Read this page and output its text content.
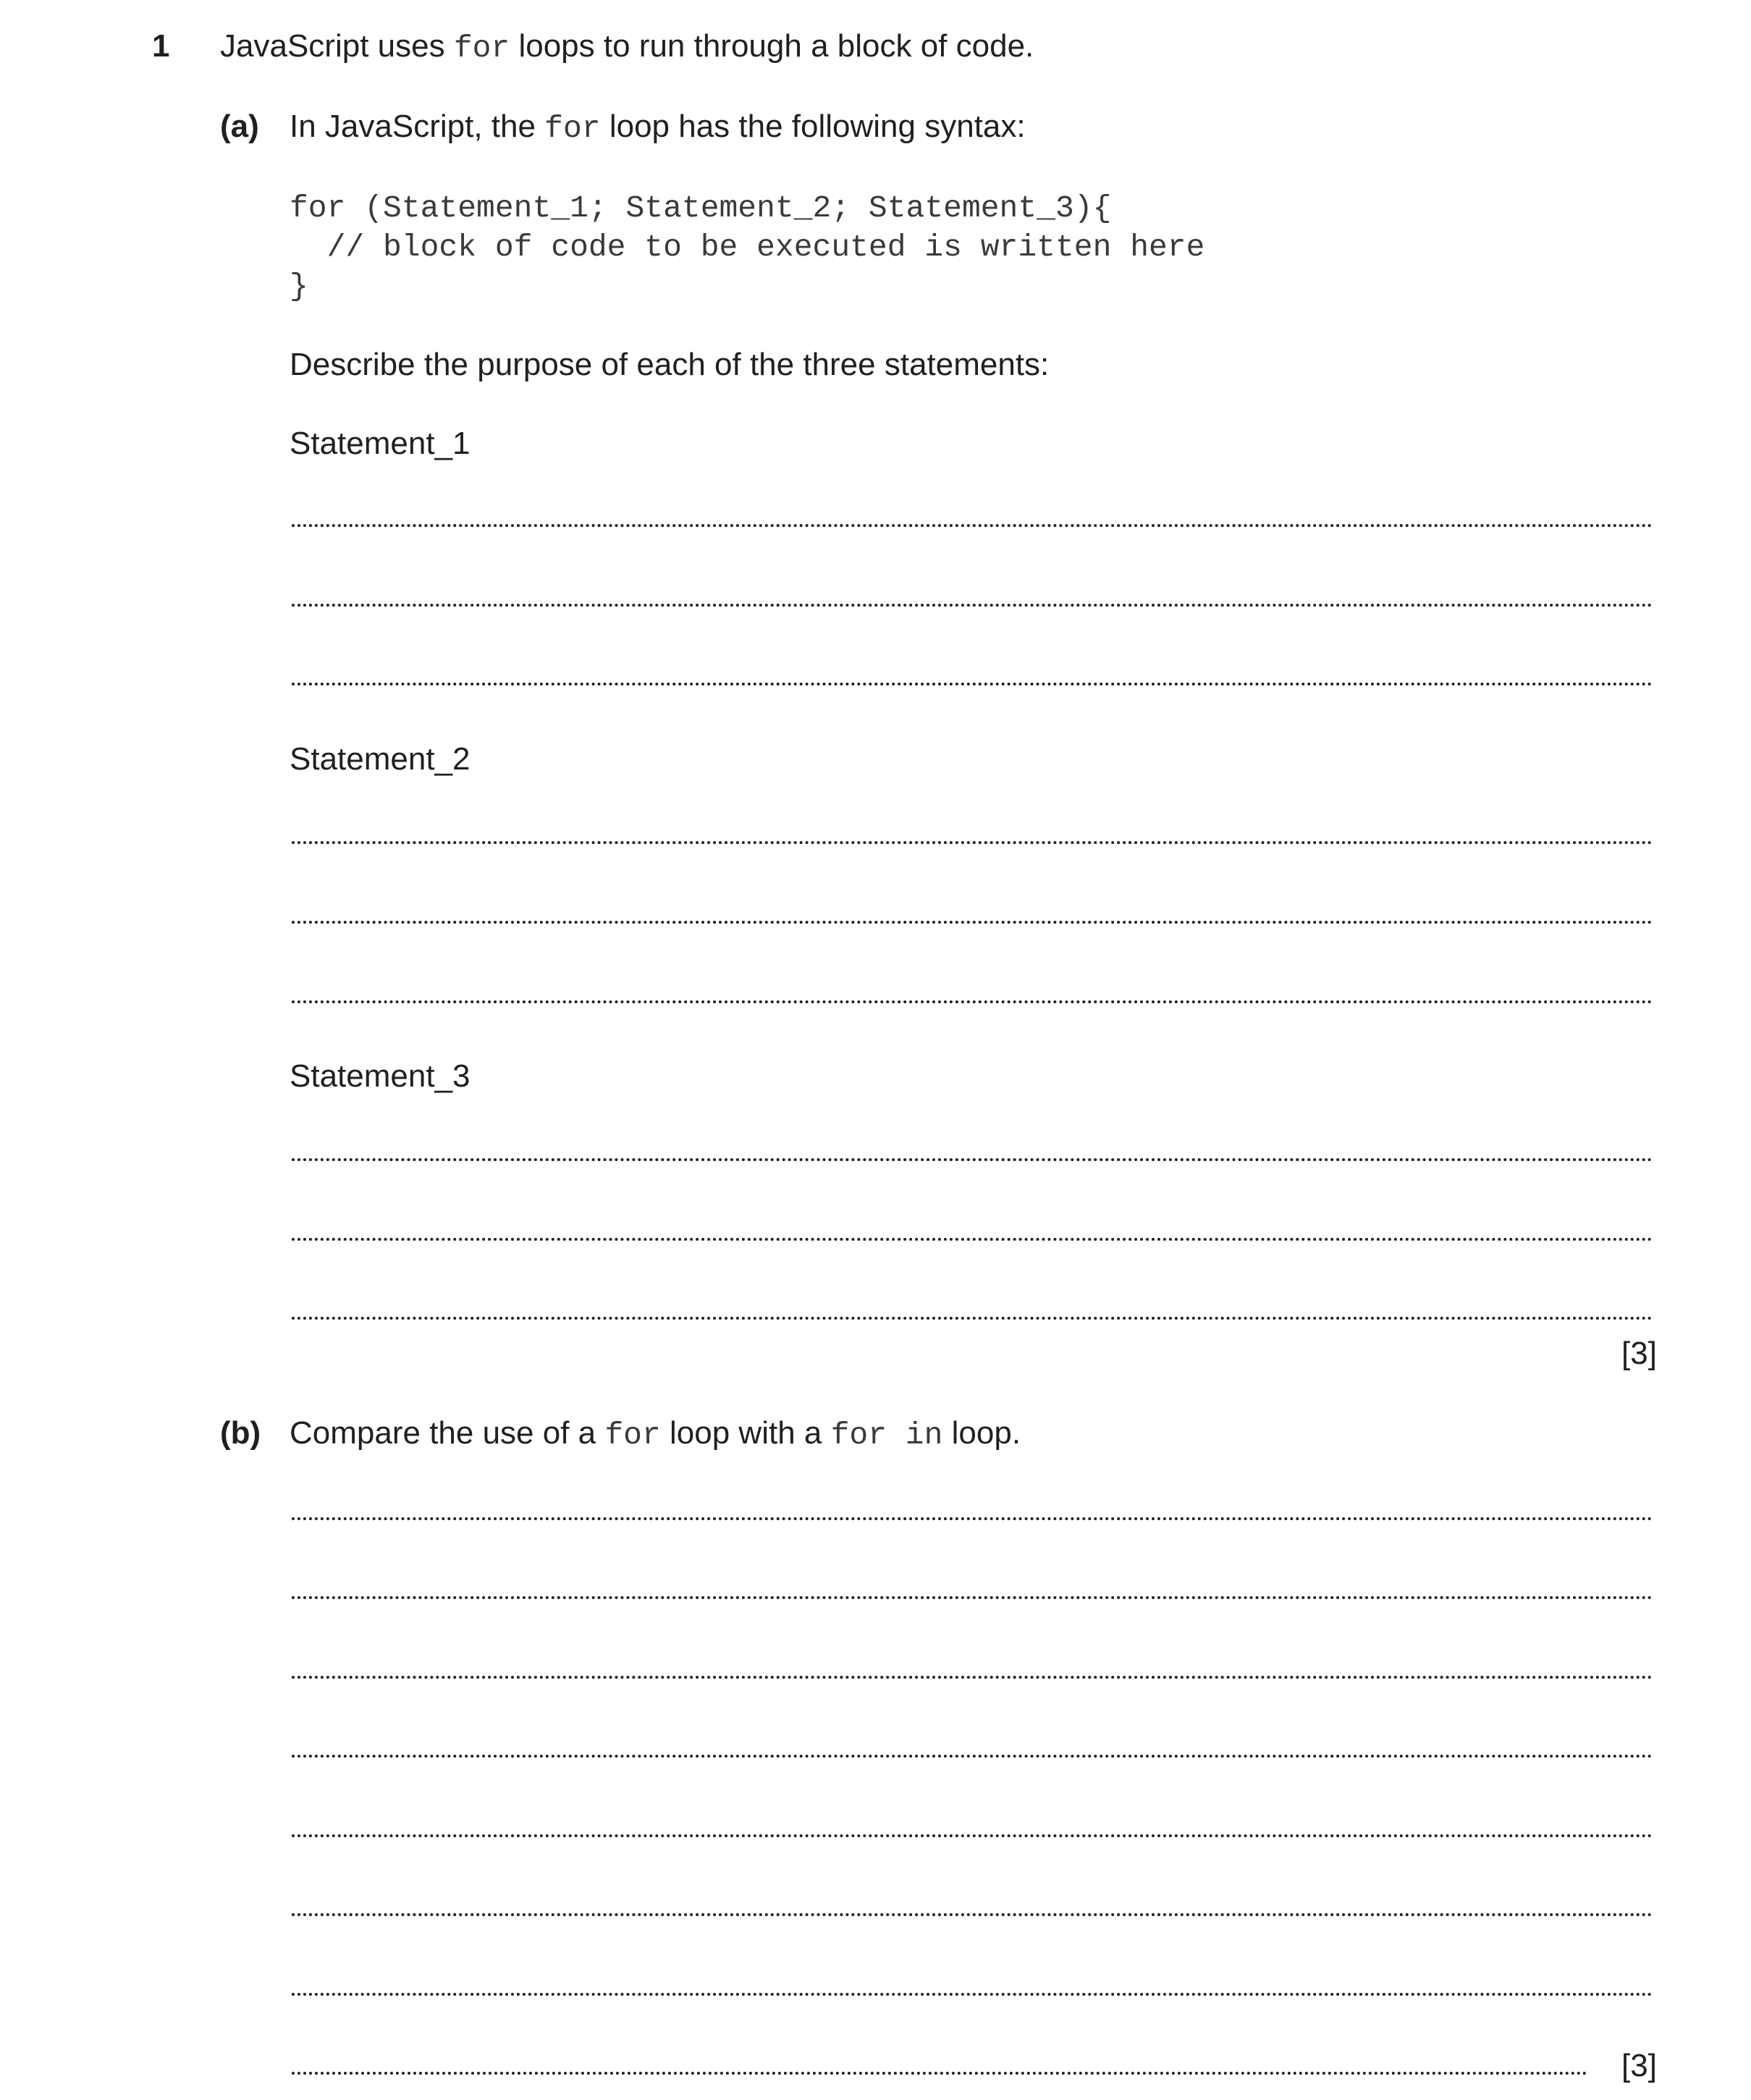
1 JavaScript uses for loops to run through a block of code.
(a) In JavaScript, the for loop has the following syntax:
for (Statement_1; Statement_2; Statement_3){
// block of code to be executed is written here
}
Describe the purpose of each of the three statements:
Statement_1
Statement_2
Statement_3
[3]
(b) Compare the use of a for loop with a for in loop.
[3]
